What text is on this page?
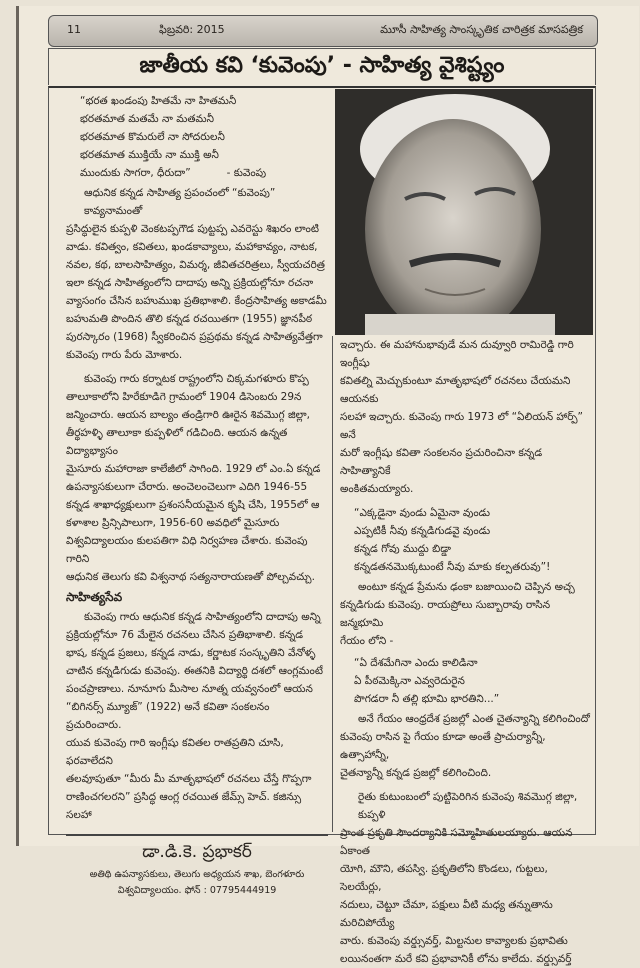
11	ఫిబ్రవరి: 2015	మూసీ సాహిత్య సాంస్కృతిక చారిత్రక మాసపత్రిక
జాతీయ కవి ‘కువెంపు’ - సాహిత్య వైశిష్ట్యం
“భరత ఖండంపు హితమే నా హితమనీ
భరతమాత మతమే నా మతమనీ
భరతమాత కొమరులే నా సోదరులనీ
భరతమాత ముక్తియే నా ముక్తి అనీ
ముందుకు సాగరా, ధీరుదా”	- కువెంపు
ఆధునిక కన్నడ సాహిత్య ప్రపంచంలో “కువెంపు” కావ్యనామంతో
ప్రసిద్ధులైన కుప్పళి వెంకటప్పగౌడ పుట్టప్ప ఎవరెస్టు శిఖరం లాంటి
వాడు. కవిత్వం, కవితలు, ఖండకావ్యాలు, మహాకావ్యం, నాటక,
నవల, కథ, బాలసాహిత్యం, విమర్శ, జీవితచరిత్రలు, స్వీయచరిత్ర
ఇలా కన్నడ సాహిత్యంలోని దాదాపు అన్ని ప్రక్రియల్లోనూ రచనా
వ్యాసంగం చేసిన బహుముఖ ప్రతిభాశాలి. కేంద్రసాహిత్య అకాడమీ
బహుమతి పొందిన తొలి కన్నడ రచయితగా (1955) జ్ఞానపీఠ
పురస్కారం (1968) స్వీకరించిన ప్రప్రథమ కన్నడ సాహిత్యవేత్తగా
కువెంపు గారు పేరు మోశారు.
కువెంపు గారు కర్నాటక రాష్ట్రంలోని చిక్కమగళూరు కొప్ప
తాలూకాలోని హిరేకూడిగె గ్రామంలో 1904 డిసెంబరు 29న
జన్మించారు. ఆయన బాల్యం తండ్రిగారి ఊరైన శివమొగ్గ జిల్లా,
తీర్థహళ్ళి తాలూకా కుప్పళిలో గడిచింది. ఆయన ఉన్నత విద్యాభ్యాసం
మైసూరు మహారాజా కాలేజీలో సాగింది. 1929 లో ఎం.ఏ కన్నడ
ఉపన్యాసకులుగా చేరారు. అంచెలంచెలుగా ఎదిగి 1946-55
కన్నడ శాఖాధ్యక్షులుగా ప్రశంసనీయమైన కృషి చేసి, 1955లో ఆ
కళాశాల ప్రిన్సిపాలుగా, 1956-60 అవధిలో మైసూరు
విశ్వవిద్యాలయం కులపతిగా విధి నిర్వహణ చేశారు. కువెంపు గారిని
ఆధునిక తెలుగు కవి విశ్వనాథ సత్యనారాయణతో పోల్చవచ్చు.
సాహిత్యసేవ
కువెంపు గారు ఆధునిక కన్నడ సాహిత్యంలోని దాదాపు అన్ని
ప్రక్రియల్లోనూ 76 మేలైన రచనలు చేసిన ప్రతిభాశాలి. కన్నడ
భాష, కన్నడ ప్రజలు, కన్నడ నాడు, కర్ణాటక సంస్కృతిని వేనోళ్ళ
చాటిన కన్నడిగుడు కువెంపు. ఈతనికి విద్యార్థి దశలో ఆంగ్లమంటే
పంచప్రాణాలు. నూనూగు మీసాల నూత్న యవ్వనంలో ఆయన
“బిగినర్స్ మ్యూజ్” (1922) అనే కవితా సంకలనం ప్రచురించారు.
యువ కువెంపు గారి ఇంగ్లీషు కవితల రాతప్రతిని చూసి, ఫరవాలేదని
తలవూపుతూ “మీరు మీ మాతృభాషలో రచనలు చేస్తే గొప్పగా
రాణించగలరని” ప్రసిద్ధ ఆంగ్ల రచయిత జేమ్స్ హెచ్. కజిన్సు సలహా
డా.డి.కె. ప్రభాకర్
అతిథి ఉపన్యాసకులు, తెలుగు అధ్యయన శాఖ, బెంగళూరు
విశ్వవిద్యాలయం. ఫోన్ : 07795444919
ఇచ్చారు. ఈ మహానుభావుడే మన దువ్వూరి రామిరెడ్డి గారి ఇంగ్లీషు
కవితల్ని మెచ్చుకుంటూ మాతృభాషలో రచనలు చేయమని ఆయనకు
సలహా ఇచ్చారు. కువెంపు గారు 1973 లో “ఏలియన్ హార్ప్” అనే
మరో ఇంగ్లీషు కవితా సంకలనం ప్రచురించినా కన్నడ సాహిత్యానికే
అంకితమయ్యారు.
“ఎక్కడైనా వుండు ఏమైనా వుండు
ఎప్పటికీ నీవు కన్నడిగుడవై వుండు
కన్నడ గోవు ముద్దు బిడ్డా
కన్నడతనమొక్కటుంటే నీవు మాకు కల్పతరువు”!
అంటూ కన్నడ ప్రేమను ఢంకా బజాయించి చెప్పిన అచ్చ
కన్నడిగుడు కువెంపు. రాయప్రోలు సుబ్బారావు రాసిన జన్మభూమి
గేయం లోని -
“ఏ దేశమేగినా ఎందు కాలిడినా
ఏ పీఠమెక్కినా ఎవ్వరెదురైన
పొగడరా నీ తల్లి భూమి భారతిని...”
అనే గేయం ఆంధ్రదేశ ప్రజల్లో ఎంత చైతన్యాన్ని కలిగించిందో
కువెంపు రాసిన పై గేయం కూడా అంతే ప్రాచుర్యాన్నీ, ఉత్సాహాన్నీ,
చైతన్యాన్నీ కన్నడ ప్రజల్లో కలిగించింది.
రైతు కుటుంబంలో పుట్టిపెరిగిన కువెంపు శివమొగ్గ జిల్లా, కుప్పళి
ప్రాంత ప్రకృతి సౌందర్యానికి సమ్మోహితులయ్యారు. ఆయన ఏకాంత
యోగి, మౌని, తపస్వి. ప్రకృతిలోని కొండలు, గుట్టలు, సెలయేర్లు,
నదులు, చెట్టూ చేమా, పక్షులు వీటి మధ్య తన్నుతాను మరిచిపోయ్యే
వారు. కువెంపు వర్డ్సువర్త్, మిల్టనుల కావ్యాలకు ప్రభావితు
లయినంతగా మరే కవి ప్రభావానికీ లోను కాలేదు. వర్డ్సువర్త్
